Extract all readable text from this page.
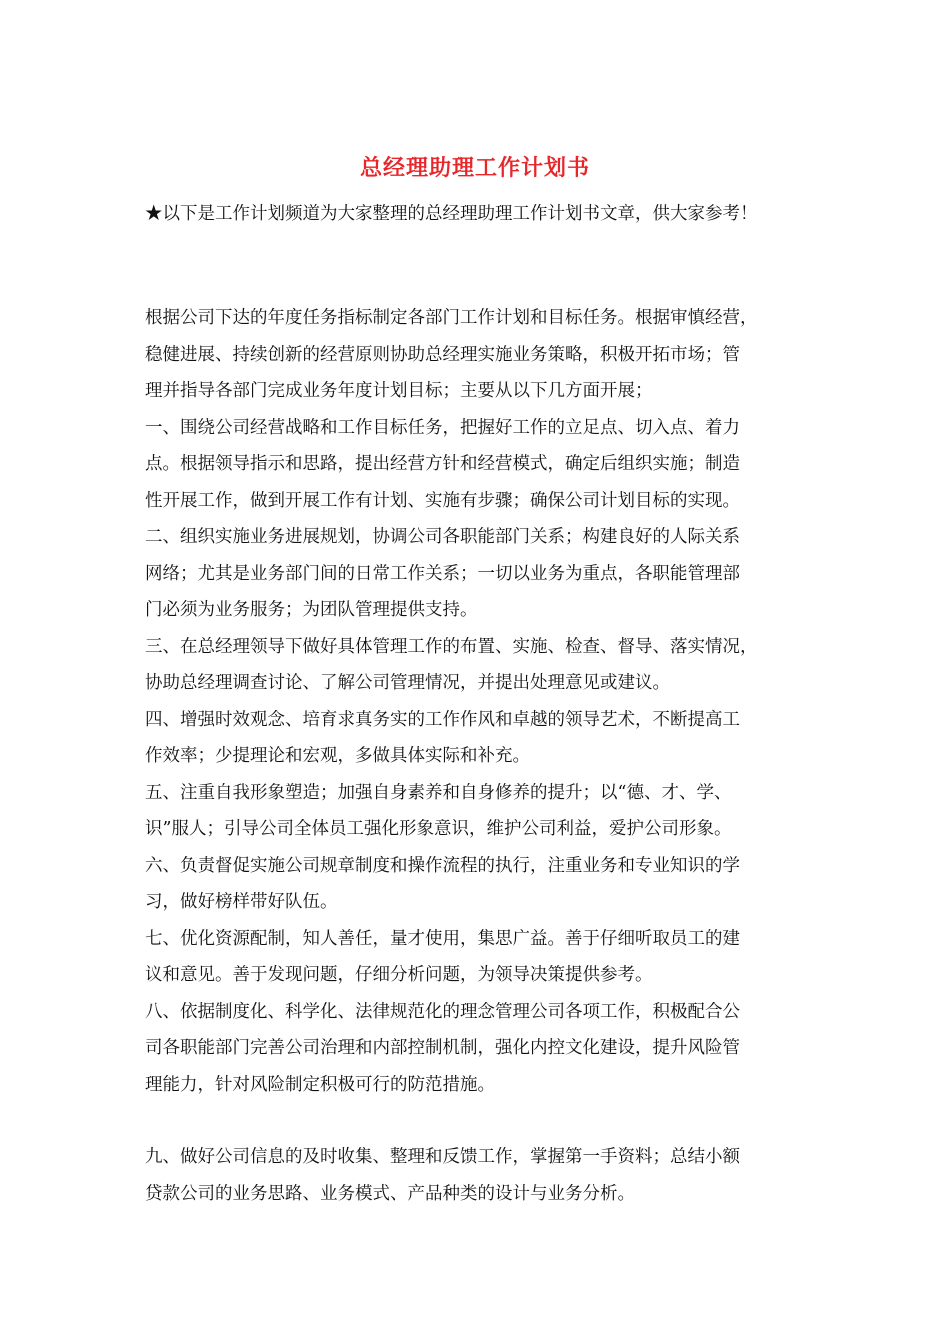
总经理助理工作计划书

★以下是工作计划频道为大家整理的总经理助理工作计划书文章，供大家参考！

根据公司下达的年度任务指标制定各部门工作计划和目标任务。根据审慎经营，
稳健进展、持续创新的经营原则协助总经理实施业务策略，积极开拓市场；管
理并指导各部门完成业务年度计划目标；主要从以下几方面开展；

一、围绕公司经营战略和工作目标任务，把握好工作的立足点、切入点、着力
点。根据领导指示和思路，提出经营方针和经营模式，确定后组织实施；制造
性开展工作，做到开展工作有计划、实施有步骤；确保公司计划目标的实现。

二、组织实施业务进展规划，协调公司各职能部门关系；构建良好的人际关系
网络；尤其是业务部门间的日常工作关系；一切以业务为重点，各职能管理部
门必须为业务服务；为团队管理提供支持。

三、在总经理领导下做好具体管理工作的布置、实施、检查、督导、落实情况，
协助总经理调查讨论、了解公司管理情况，并提出处理意见或建议。

四、增强时效观念、培育求真务实的工作作风和卓越的领导艺术，不断提高工
作效率；少提理论和宏观，多做具体实际和补充。

五、注重自我形象塑造；加强自身素养和自身修养的提升；以“德、才、学、
识”服人；引导公司全体员工强化形象意识，维护公司利益，爱护公司形象。

六、负责督促实施公司规章制度和操作流程的执行，注重业务和专业知识的学
习，做好榜样带好队伍。

七、优化资源配制，知人善任，量才使用，集思广益。善于仔细听取员工的建
议和意见。善于发现问题，仔细分析问题，为领导决策提供参考。

八、依据制度化、科学化、法律规范化的理念管理公司各项工作，积极配合公
司各职能部门完善公司治理和内部控制机制，强化内控文化建设，提升风险管
理能力，针对风险制定积极可行的防范措施。

九、做好公司信息的及时收集、整理和反馈工作，掌握第一手资料；总结小额
贷款公司的业务思路、业务模式、产品种类的设计与业务分析。
